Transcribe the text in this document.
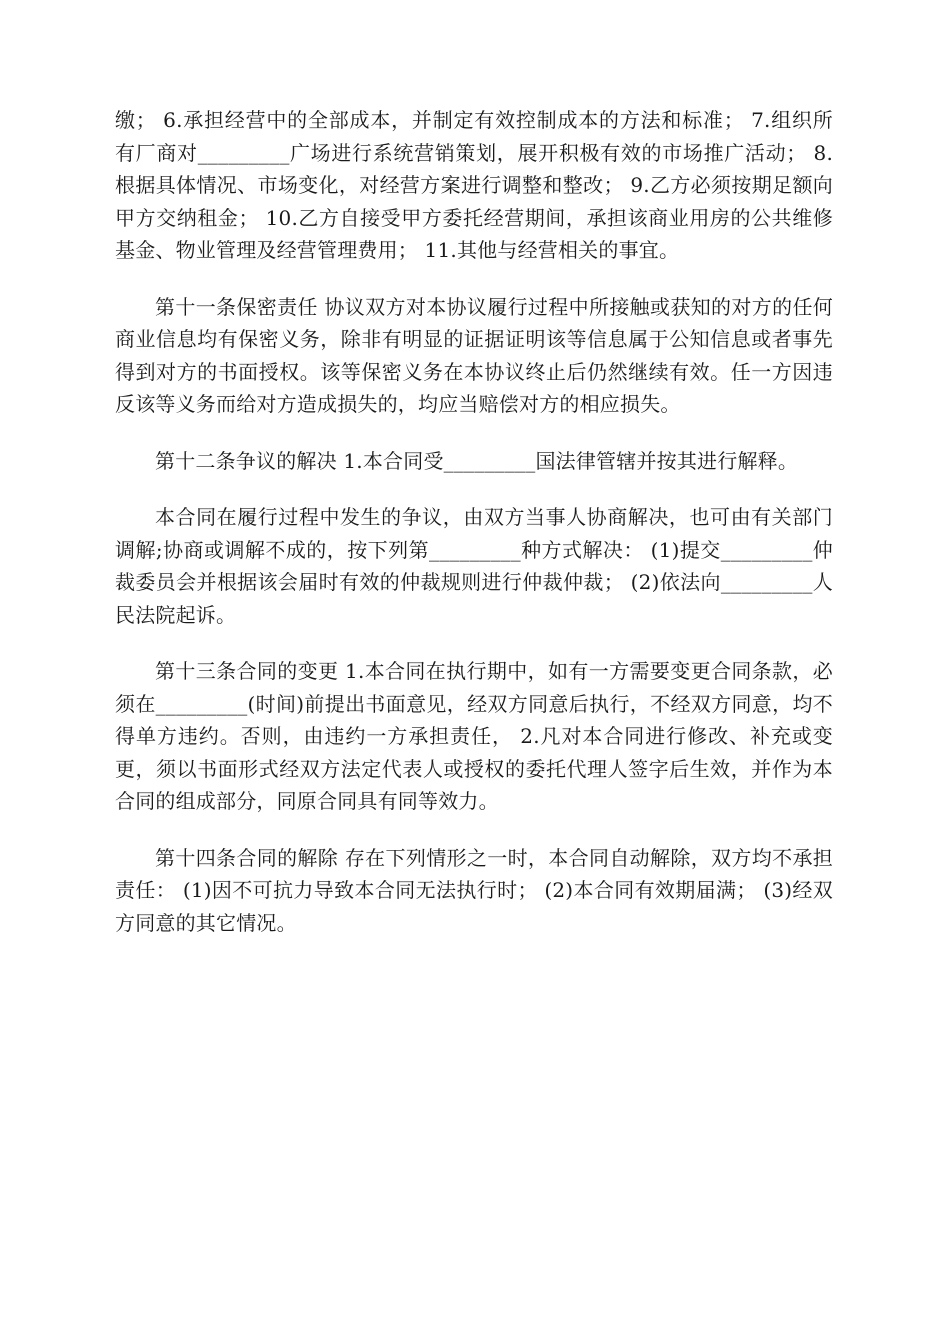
缴； 6.承担经营中的全部成本，并制定有效控制成本的方法和标准； 7.组织所有厂商对_________广场进行系统营销策划，展开积极有效的市场推广活动； 8.根据具体情况、市场变化，对经营方案进行调整和整改； 9.乙方必须按期足额向甲方交纳租金； 10.乙方自接受甲方委托经营期间，承担该商业用房的公共维修基金、物业管理及经营管理费用； 11.其他与经营相关的事宜。

第十一条保密责任 协议双方对本协议履行过程中所接触或获知的对方的任何商业信息均有保密义务，除非有明显的证据证明该等信息属于公知信息或者事先得到对方的书面授权。该等保密义务在本协议终止后仍然继续有效。任一方因违反该等义务而给对方造成损失的，均应当赔偿对方的相应损失。

第十二条争议的解决 1.本合同受_________国法律管辖并按其进行解释。

本合同在履行过程中发生的争议，由双方当事人协商解决，也可由有关部门调解;协商或调解不成的，按下列第_________种方式解决： (1)提交_________仲裁委员会并根据该会届时有效的仲裁规则进行仲裁仲裁； (2)依法向_________人民法院起诉。

第十三条合同的变更 1.本合同在执行期中，如有一方需要变更合同条款，必须在_________(时间)前提出书面意见，经双方同意后执行，不经双方同意，均不得单方违约。否则，由违约一方承担责任， 2.凡对本合同进行修改、补充或变更，须以书面形式经双方法定代表人或授权的委托代理人签字后生效，并作为本合同的组成部分，同原合同具有同等效力。

第十四条合同的解除 存在下列情形之一时，本合同自动解除，双方均不承担责任： (1)因不可抗力导致本合同无法执行时； (2)本合同有效期届满； (3)经双方同意的其它情况。
